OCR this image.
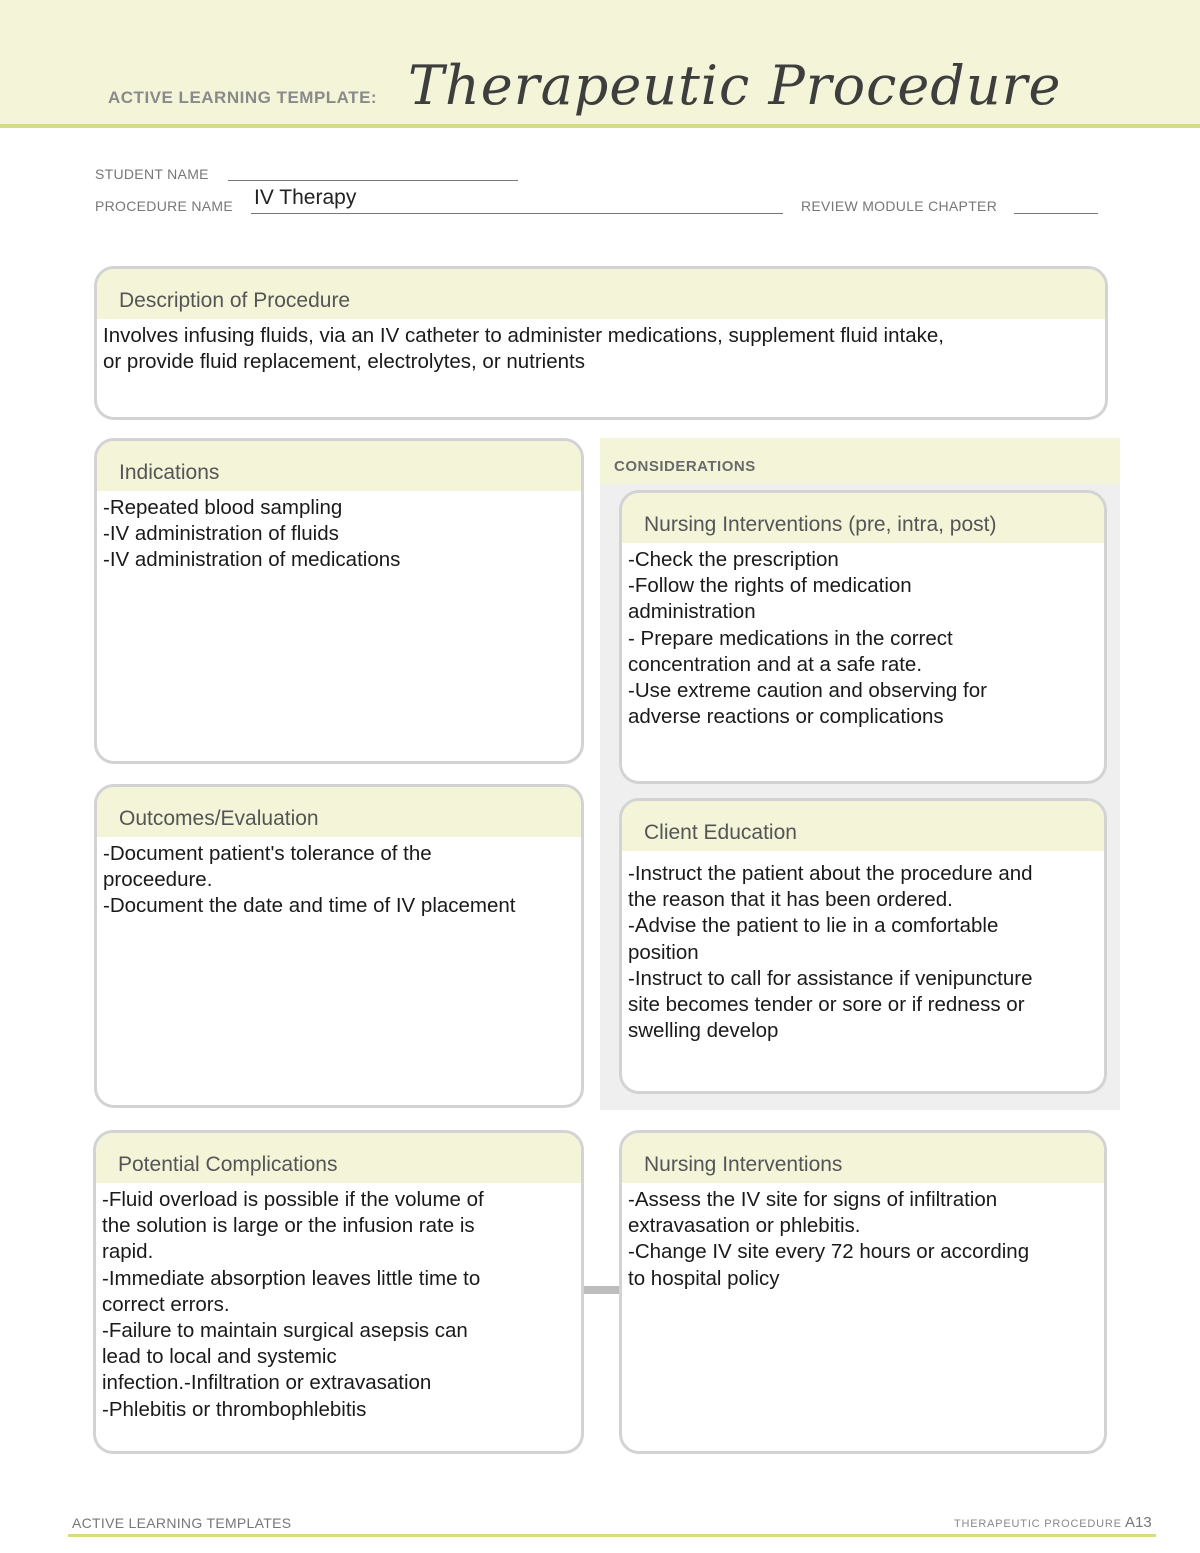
ACTIVE LEARNING TEMPLATE: Therapeutic Procedure
STUDENT NAME
PROCEDURE NAME IV Therapy	REVIEW MODULE CHAPTER
Description of Procedure
Involves infusing fluids, via an IV catheter to administer medications, supplement fluid intake,
or provide fluid replacement, electrolytes, or nutrients
CONSIDERATIONS
Indications
-Repeated blood sampling
-IV administration of fluids
-IV administration of medications
Outcomes/Evaluation
-Document patient's tolerance of the
proceedure.
-Document the date and time of IV placement
Nursing Interventions (pre, intra, post)
-Check the prescription
-Follow the rights of medication
administration
- Prepare medications in the correct
concentration and at a safe rate.
-Use extreme caution and observing for
adverse reactions or complications
Client Education
-Instruct the patient about the procedure and
the reason that it has been ordered.
-Advise the patient to lie in a comfortable
position
-Instruct to call for assistance if venipuncture
site becomes tender or sore or if redness or
swelling develop
Potential Complications
-Fluid overload is possible if the volume of
the solution is large or the infusion rate is
rapid.
-Immediate absorption leaves little time to
correct errors.
-Failure to maintain surgical asepsis can
lead to local and systemic
infection.-Infiltration or extravasation
-Phlebitis or thrombophlebitis
Nursing Interventions
-Assess the IV site for signs of infiltration
extravasation or phlebitis.
-Change IV site every 72 hours or according
to hospital policy
ACTIVE LEARNING TEMPLATES	THERAPEUTIC PROCEDURE A13
